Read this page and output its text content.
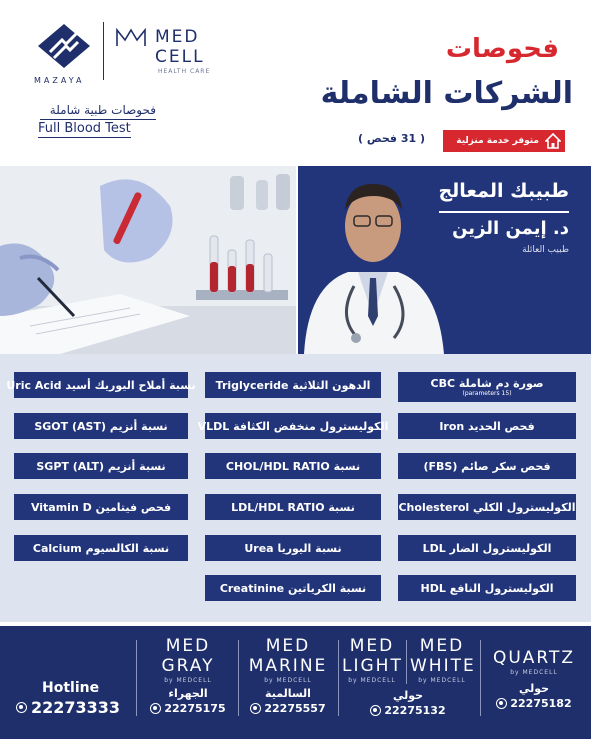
MAZAYA
MED
CELL
HEALTH CARE
فحوصات طبية شاملة
Full Blood Test
فحوصات
الشركات الشاملة
متوفر خدمة منزلية
( 31 فحص )
طبيبك المعالج
د. إيمن الزين
طبيب العائلة
صورة دم شاملة CBC
(15 parameters)
فحص الحديد Iron
فحص سكر صائم (FBS)
الكوليسترول الكلي Cholesterol
الكوليسترول الضار LDL
الكوليسترول النافع HDL
الدهون الثلاثية Triglyceride
الكوليسترول منخفض الكثافة VLDL
نسبة CHOL/HDL RATIO
نسبة LDL/HDL RATIO
نسبة اليوريا Urea
نسبة الكرياتين Creatinine
نسبة أملاح اليوريك أسيد Uric Acid
نسبة أنزيم (SGOT (AST
نسبة أنزيم (SGPT (ALT
فحص فيتامين Vitamin D
نسبة الكالسيوم Calcium
Hotline
22273333
MED
GRAY
by MEDCELL
الجهراء
22275175
MED
MARINE
by MEDCELL
السالمية
22275557
MED
LIGHT
by MEDCELL
MED
WHITE
by MEDCELL
حولي
22275132
QUARTZ
by MEDCELL
حولي
22275182
